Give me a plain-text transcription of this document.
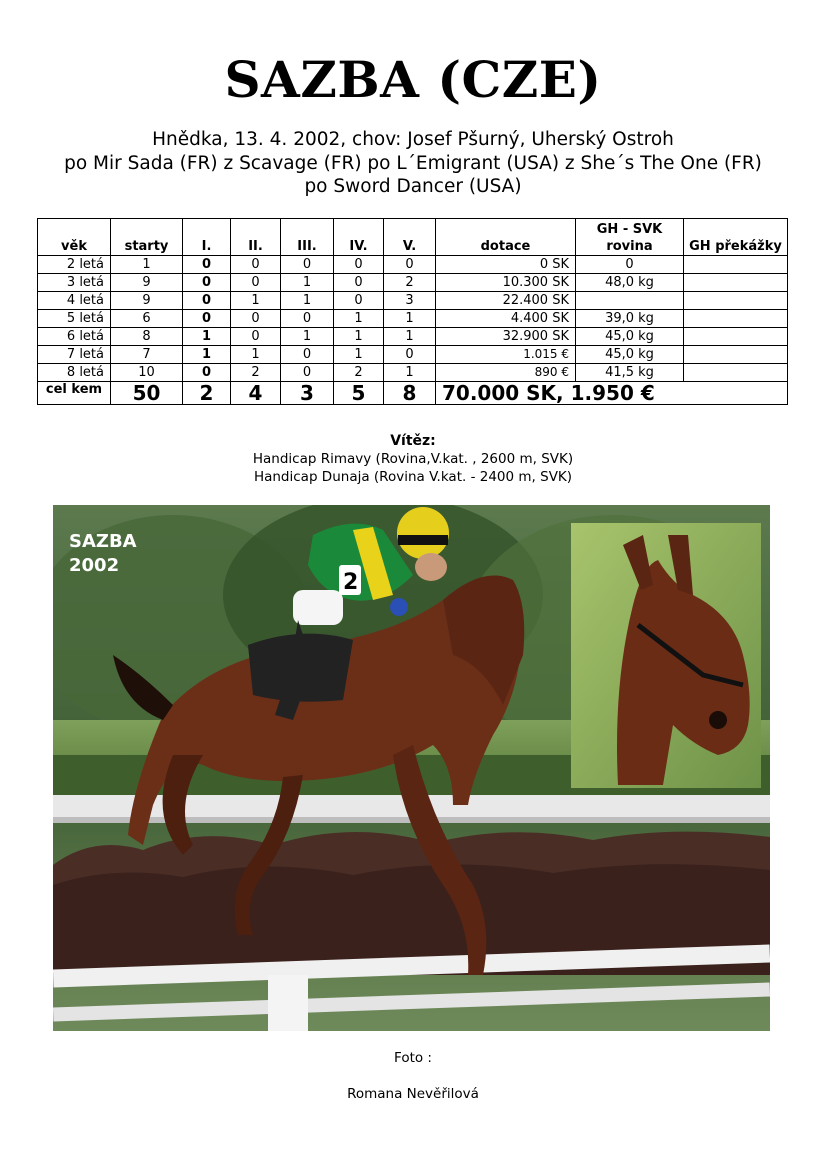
SAZBA (CZE)
Hnědka, 13. 4. 2002, chov: Josef Pšurný, Uherský Ostroh
po Mir Sada (FR) z Scavage (FR) po L´Emigrant (USA) z She´s The One (FR)
po Sword Dancer (USA)
věk	starty	I.	II.	III.	IV.	V.	dotace	GH - SVK rovina	GH překážky
2 letá	1	0	0	0	0	0	0 SK	0	
3 letá	9	0	0	1	0	2	10.300 SK	48,0 kg	
4 letá	9	0	1	1	0	3	22.400 SK		
5 letá	6	0	0	0	1	1	4.400 SK	39,0 kg	
6 letá	8	1	0	1	1	1	32.900 SK	45,0 kg	
7 letá	7	1	1	0	1	0	1.015 €	45,0 kg	
8 letá	10	0	2	0	2	1	890 €	41,5 kg	
cel kem	50	2	4	3	5	8	70.000 SK, 1.950 €		
Vítěz:
Handicap Rimavy (Rovina,V.kat. , 2600 m, SVK)
Handicap Dunaja (Rovina V.kat. - 2400 m, SVK)
SAZBA
2002
2
Foto :
Romana Nevěřilová
